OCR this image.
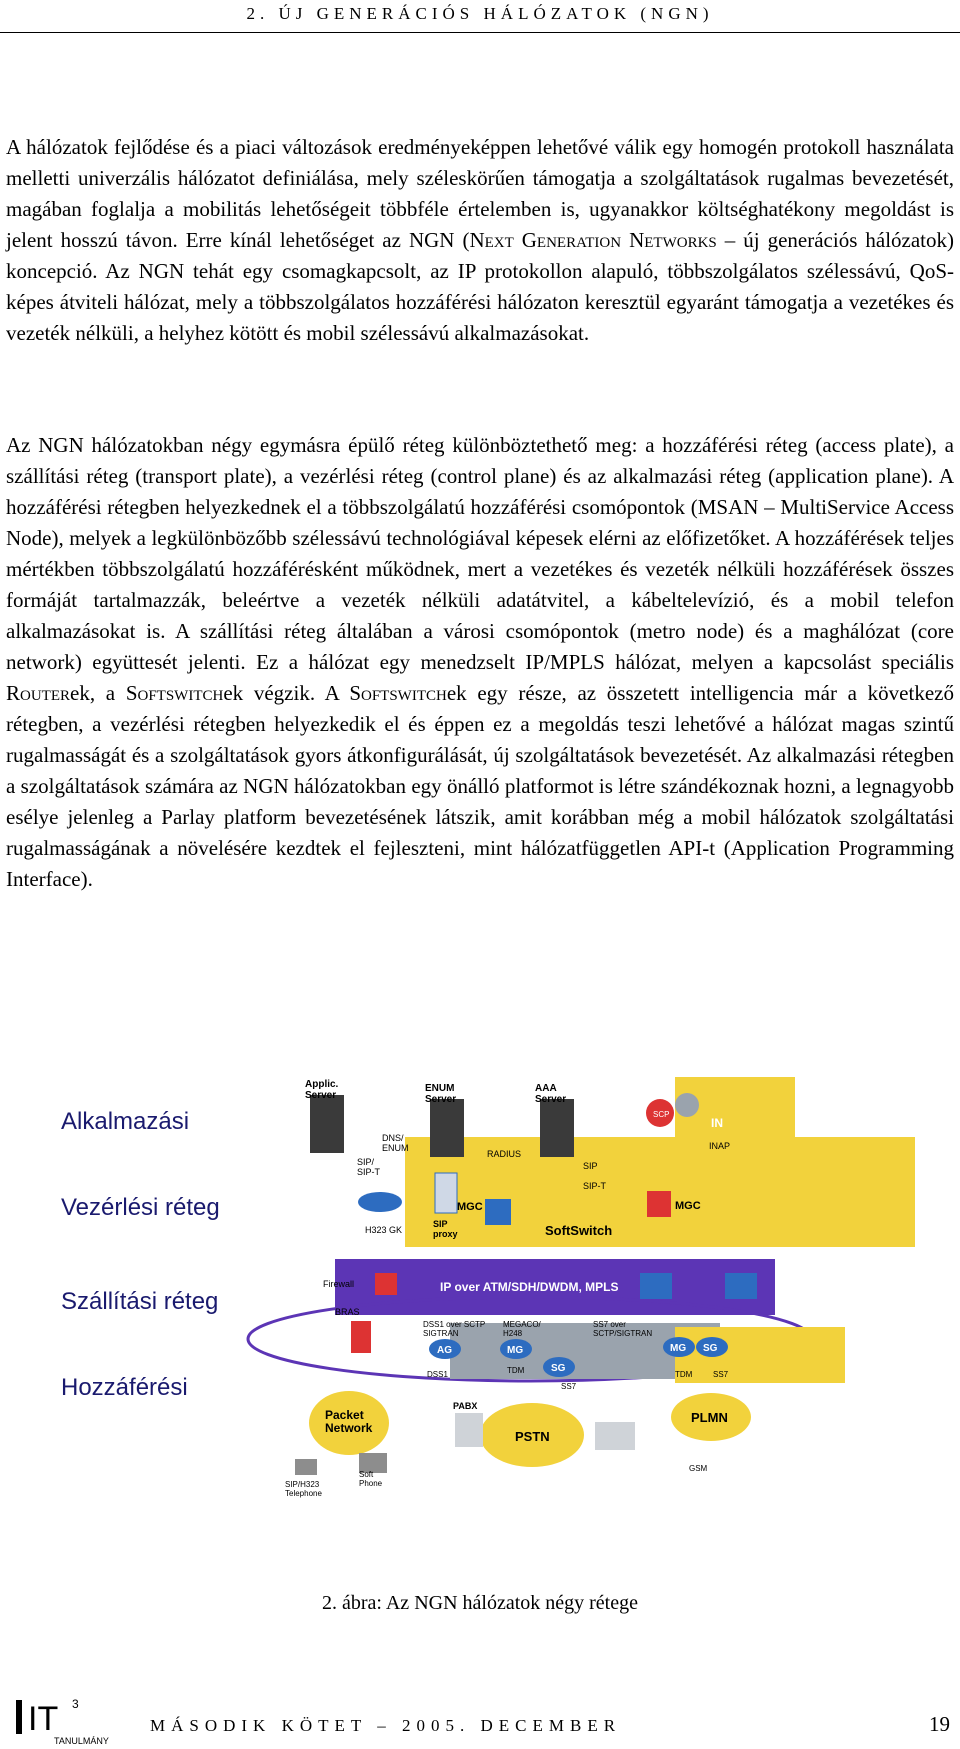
2. ÚJ GENERÁCIÓS HÁLÓZATOK (NGN)
A hálózatok fejlődése és a piaci változások eredményeképpen lehetővé válik egy homogén protokoll használata melletti univerzális hálózatot definiálása, mely széleskörűen támogatja a szolgáltatások rugalmas bevezetését, magában foglalja a mobilitás lehetőségeit többféle értelemben is, ugyanakkor költséghatékony megoldást is jelent hosszú távon. Erre kínál lehetőséget az NGN (Next Generation Networks – új generációs hálózatok) koncepció. Az NGN tehát egy csomagkapcsolt, az IP protokollon alapuló, többszolgálatos szélessávú, QoS-képes átviteli hálózat, mely a többszolgálatos hozzáférési hálózaton keresztül egyaránt támogatja a vezetékes és vezeték nélküli, a helyhez kötött és mobil szélessávú alkalmazásokat.
Az NGN hálózatokban négy egymásra épülő réteg különböztethető meg: a hozzáférési réteg (access plate), a szállítási réteg (transport plate), a vezérlési réteg (control plane) és az alkalmazási réteg (application plane). A hozzáférési rétegben helyezkednek el a többszolgálatú hozzáférési csomópontok (MSAN – MultiService Access Node), melyek a legkülönbözőbb szélessávú technológiával képesek elérni az előfizetőket. A hozzáférések teljes mértékben többszolgálatú hozzáférésként működnek, mert a vezetékes és vezeték nélküli hozzáférések összes formáját tartalmazzák, beleértve a vezeték nélküli adatátvitel, a kábeltelevízió, és a mobil telefon alkalmazásokat is. A szállítási réteg általában a városi csomópontok (metro node) és a maghálózat (core network) együttesét jelenti. Ez a hálózat egy menedzselt IP/MPLS hálózat, melyen a kapcsolást speciális Routerek, a Softswitchek végzik. A Softswitchek egy része, az összetett intelligencia már a következő rétegben, a vezérlési rétegben helyezkedik el és éppen ez a megoldás teszi lehetővé a hálózat magas szintű rugalmasságát és a szolgáltatások gyors átkonfigurálását, új szolgáltatások bevezetését. Az alkalmazási rétegben a szolgáltatások számára az NGN hálózatokban egy önálló platformot is létre szándékoznak hozni, a legnagyobb esélye jelenleg a Parlay platform bevezetésének látszik, amit korábban még a mobil hálózatok szolgáltatási rugalmasságának a növelésére kezdtek el fejleszteni, mint hálózatfüggetlen API-t (Application Programming Interface).
Alkalmazási
Vezérlési réteg
Szállítási réteg
Hozzáférési
Applic. Server
ENUM Server
AAA Server
DNS/ ENUM
RADIUS
SCP
IN
INAP
SIP/ SIP-T
SIP
SIP-T
MGC	MGC
H323 GK
SIP proxy	SoftSwitch
Firewall	IP over ATM/SDH/DWDM, MPLS
BRAS
DSS1 over SCTP SIGTRAN
MEGACO/ H248
SS7 over SCTP/SIGTRAN
AG	MG
SG
MG SG
DSS1	TDM
SS7
TDM	SS7
Packet Network
PSTN
PLMN
PABX
GSM
SIP/H323 Telephone
Soft Phone
2. ábra: Az NGN hálózatok négy rétege
IT 3
TANULMÁNY
MÁSODIK KÖTET – 2005. DECEMBER	19
